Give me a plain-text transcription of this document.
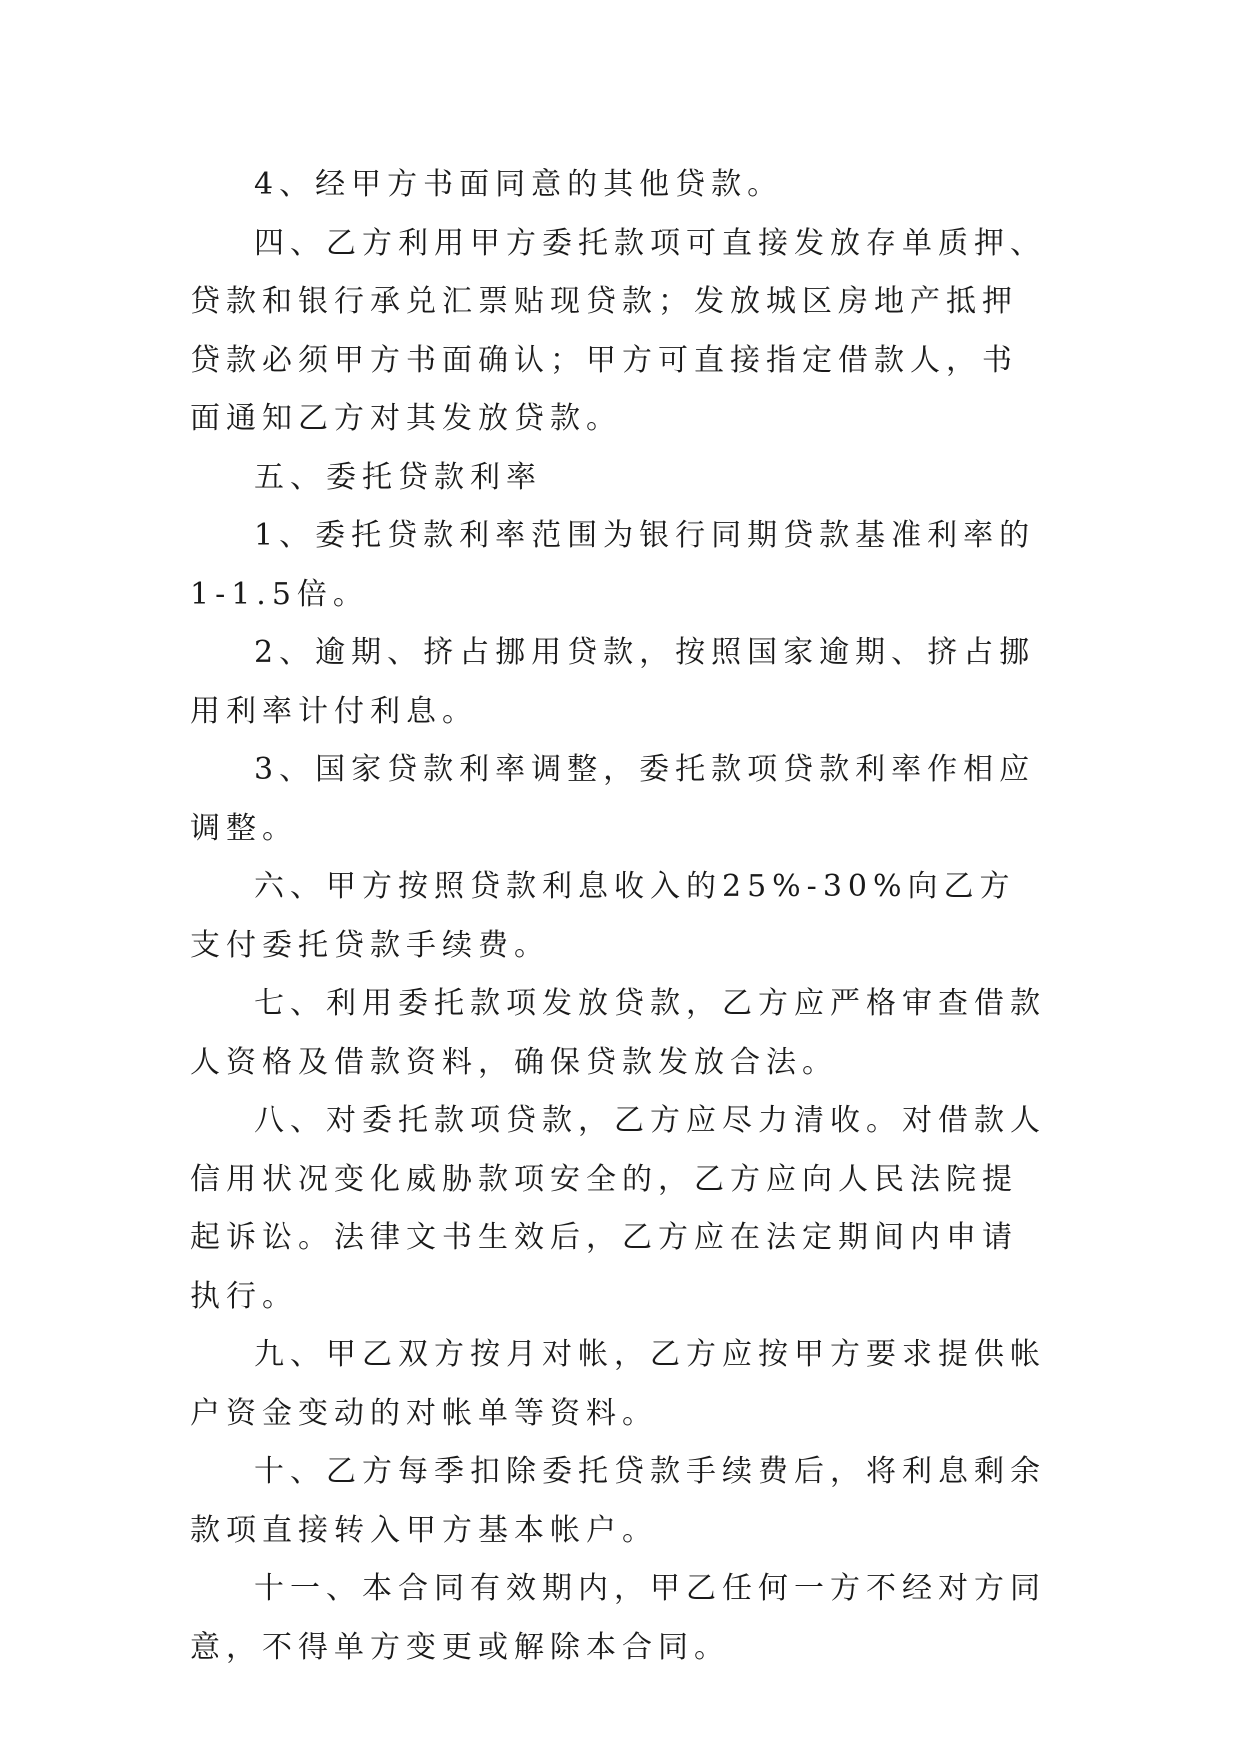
4、经甲方书面同意的其他贷款。

四、乙方利用甲方委托款项可直接发放存单质押、贷款和银行承兑汇票贴现贷款；发放城区房地产抵押贷款必须甲方书面确认；甲方可直接指定借款人，书面通知乙方对其发放贷款。

五、委托贷款利率

1、委托贷款利率范围为银行同期贷款基准利率的1-1.5倍。

2、逾期、挤占挪用贷款，按照国家逾期、挤占挪用利率计付利息。

3、国家贷款利率调整，委托款项贷款利率作相应调整。

六、甲方按照贷款利息收入的25%-30%向乙方支付委托贷款手续费。

七、利用委托款项发放贷款，乙方应严格审查借款人资格及借款资料，确保贷款发放合法。

八、对委托款项贷款，乙方应尽力清收。对借款人信用状况变化威胁款项安全的，乙方应向人民法院提起诉讼。法律文书生效后，乙方应在法定期间内申请执行。

九、甲乙双方按月对帐，乙方应按甲方要求提供帐户资金变动的对帐单等资料。

十、乙方每季扣除委托贷款手续费后，将利息剩余款项直接转入甲方基本帐户。

十一、本合同有效期内，甲乙任何一方不经对方同意，不得单方变更或解除本合同。
